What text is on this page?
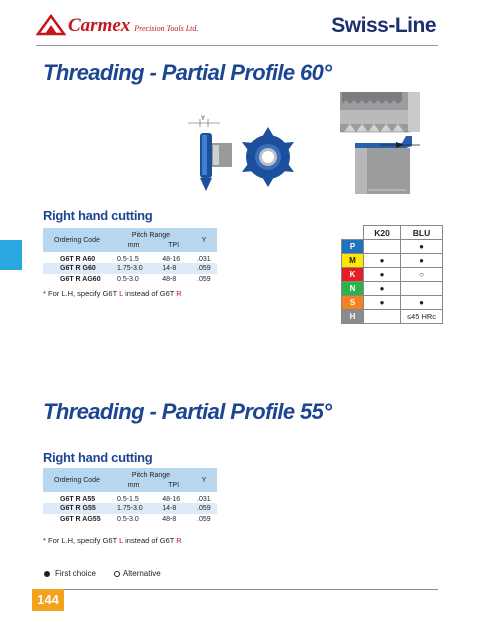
Carmex Precision Tools Ltd.	Swiss-Line
Threading - Partial Profile 60°
Y
Right hand cutting
Ordering Code	Pitch Range		Y
	mm	TPI	
G6T R A60	0.5-1.5	48-16	.031
G6T R G60	1.75-3.0	14-8	.059
G6T R AG60	0.5-3.0	48-8	.059
* For L.H, specify G6T L instead of G6T R
	K20	BLU
P		●
M	●	●
K	●	○
N	●	
S	●	●
H		≤45 HRc
Threading - Partial Profile 55°
Right hand cutting
Ordering Code	Pitch Range		Y
	mm	TPI	
G6T R A55	0.5-1.5	48-16	.031
G6T R G55	1.75-3.0	14-8	.059
G6T R AG55	0.5-3.0	48-8	.059
* For L.H, specify G6T L instead of G6T R
First choice	Alternative
144
